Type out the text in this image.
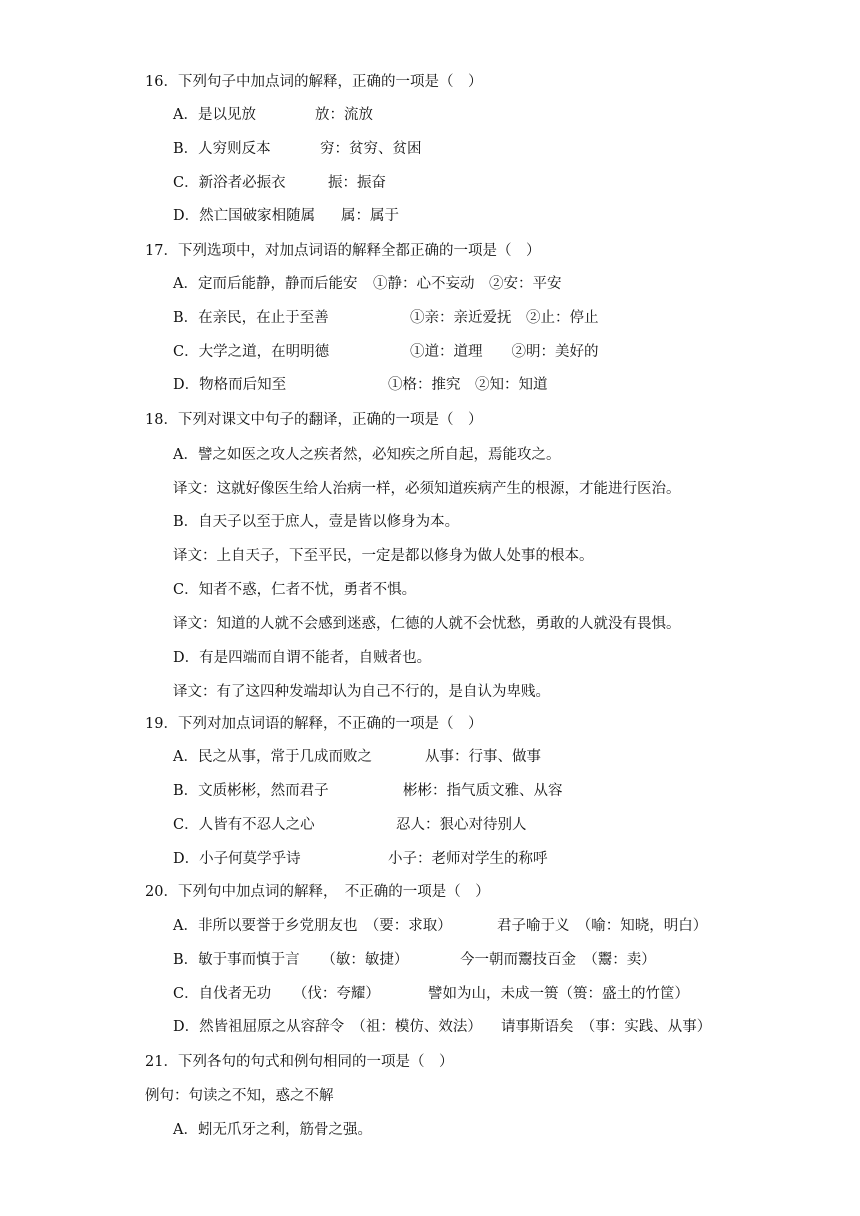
16．下列句子中加点词的解释，正确的一项是（　）
A．是以见放	放：流放
B．人穷则反本	穷：贫穷、贫困
C．新浴者必振衣	振：振奋
D．然亡国破家相随属 属：属于
17．下列选项中，对加点词语的解释全都正确的一项是（　）
A．定而后能静，静而后能安 ①静：心不妄动　②安：平安
B．在亲民，在止于至善	①亲：亲近爱抚　②止：停止
C．大学之道，在明明德	①道：道理　　②明：美好的
D．物格而后知至	①格：推究　②知：知道
18．下列对课文中句子的翻译，正确的一项是（　）
A．譬之如医之攻人之疾者然，必知疾之所自起，焉能攻之。
译文：这就好像医生给人治病一样，必须知道疾病产生的根源，才能进行医治。
B．自天子以至于庶人，壹是皆以修身为本。
译文：上自天子，下至平民，一定是都以修身为做人处事的根本。
C．知者不惑，仁者不忧，勇者不惧。
译文：知道的人就不会感到迷惑，仁德的人就不会忧愁，勇敢的人就没有畏惧。
D．有是四端而自谓不能者，自贼者也。
译文：有了这四种发端却认为自己不行的，是自认为卑贱。
19．下列对加点词语的解释，不正确的一项是（　）
A．民之从事，常于几成而败之	从事：行事、做事
B．文质彬彬，然而君子	彬彬：指气质文雅、从容
C．人皆有不忍人之心	忍人：狠心对待别人
D．小子何莫学乎诗	小子：老师对学生的称呼
20．下列句中加点词的解释，　不正确的一项是（　）
A．非所以要誉于乡党朋友也　（要：求取）	君子喻于义　（喻：知晓，明白）
B．敏于事而慎于言　　（敏：敏捷）	今一朝而鬻技百金　（鬻：卖）
C．自伐者无功　　（伐：夸耀）	譬如为山，未成一篑（篑：盛土的竹筐）
D．然皆祖屈原之从容辞令　（祖：模仿、效法） 请事斯语矣　（事：实践、从事）
21．下列各句的句式和例句相同的一项是（　）
例句：句读之不知，惑之不解
A．蚓无爪牙之利，筋骨之强。
